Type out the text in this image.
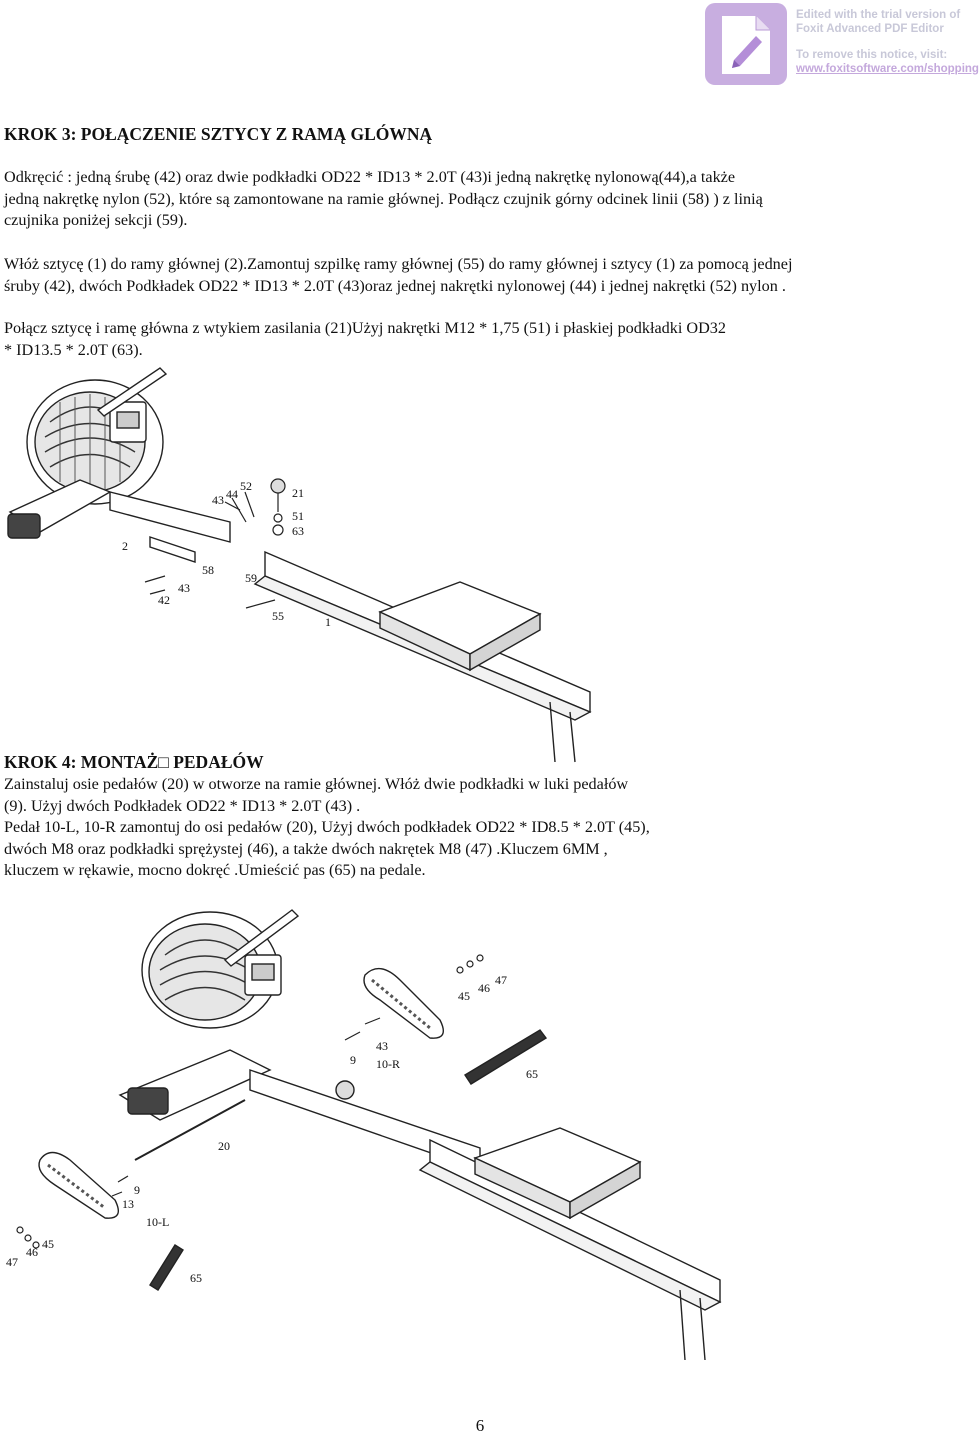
Edited with the trial version of
Foxit Advanced PDF Editor
To remove this notice, visit:
www.foxitsoftware.com/shopping
KROK 3: POŁĄCZENIE SZTYCY Z RAMĄ GLÓWNĄ
Odkręcić : jedną śrubę (42) oraz dwie podkładki OD22 * ID13 * 2.0T (43)i jedną nakrętkę nylonową(44),a także
jedną nakrętkę nylon (52), które są zamontowane na ramie głównej. Podłącz czujnik górny odcinek linii (58) ) z linią
czujnika poniżej sekcji (59).
Włóż sztycę (1) do ramy głównej (2).Zamontuj szpilkę ramy głównej (55) do ramy głównej i sztycy (1) za pomocą jednej
śruby (42), dwóch Podkładek OD22 * ID13 * 2.0T (43)oraz jednej nakrętki nylonowej (44) i jednej nakrętki (52) nylon .
Połącz sztycę i ramę główna z wtykiem zasilania (21)Użyj nakrętki M12 * 1,75 (51) i płaskiej podkładki OD32
* ID13.5 * 2.0T (63).
43 44
52	21
51
63
2
58
59
43
42
55	1
KROK 4: MONTAŻ□ PEDAŁÓW
Zainstaluj osie pedałów (20) w otworze na ramie głównej. Włóż dwie podkładki w luki pedałów
(9). Użyj dwóch Podkładek OD22 * ID13 * 2.0T (43) .
Pedał 10-L, 10-R zamontuj do osi pedałów (20), Użyj dwóch podkładek OD22 * ID8.5 * 2.0T (45),
dwóch M8 oraz podkładki sprężystej (46), a także dwóch nakrętek M8 (47) .Kluczem 6MM ,
kluczem w rękawie, mocno dokręć .Umieścić pas (65) na pedale.
45
46
47
9
43
10-R
65
20
9
13
10-L
46
45
47
65
6
